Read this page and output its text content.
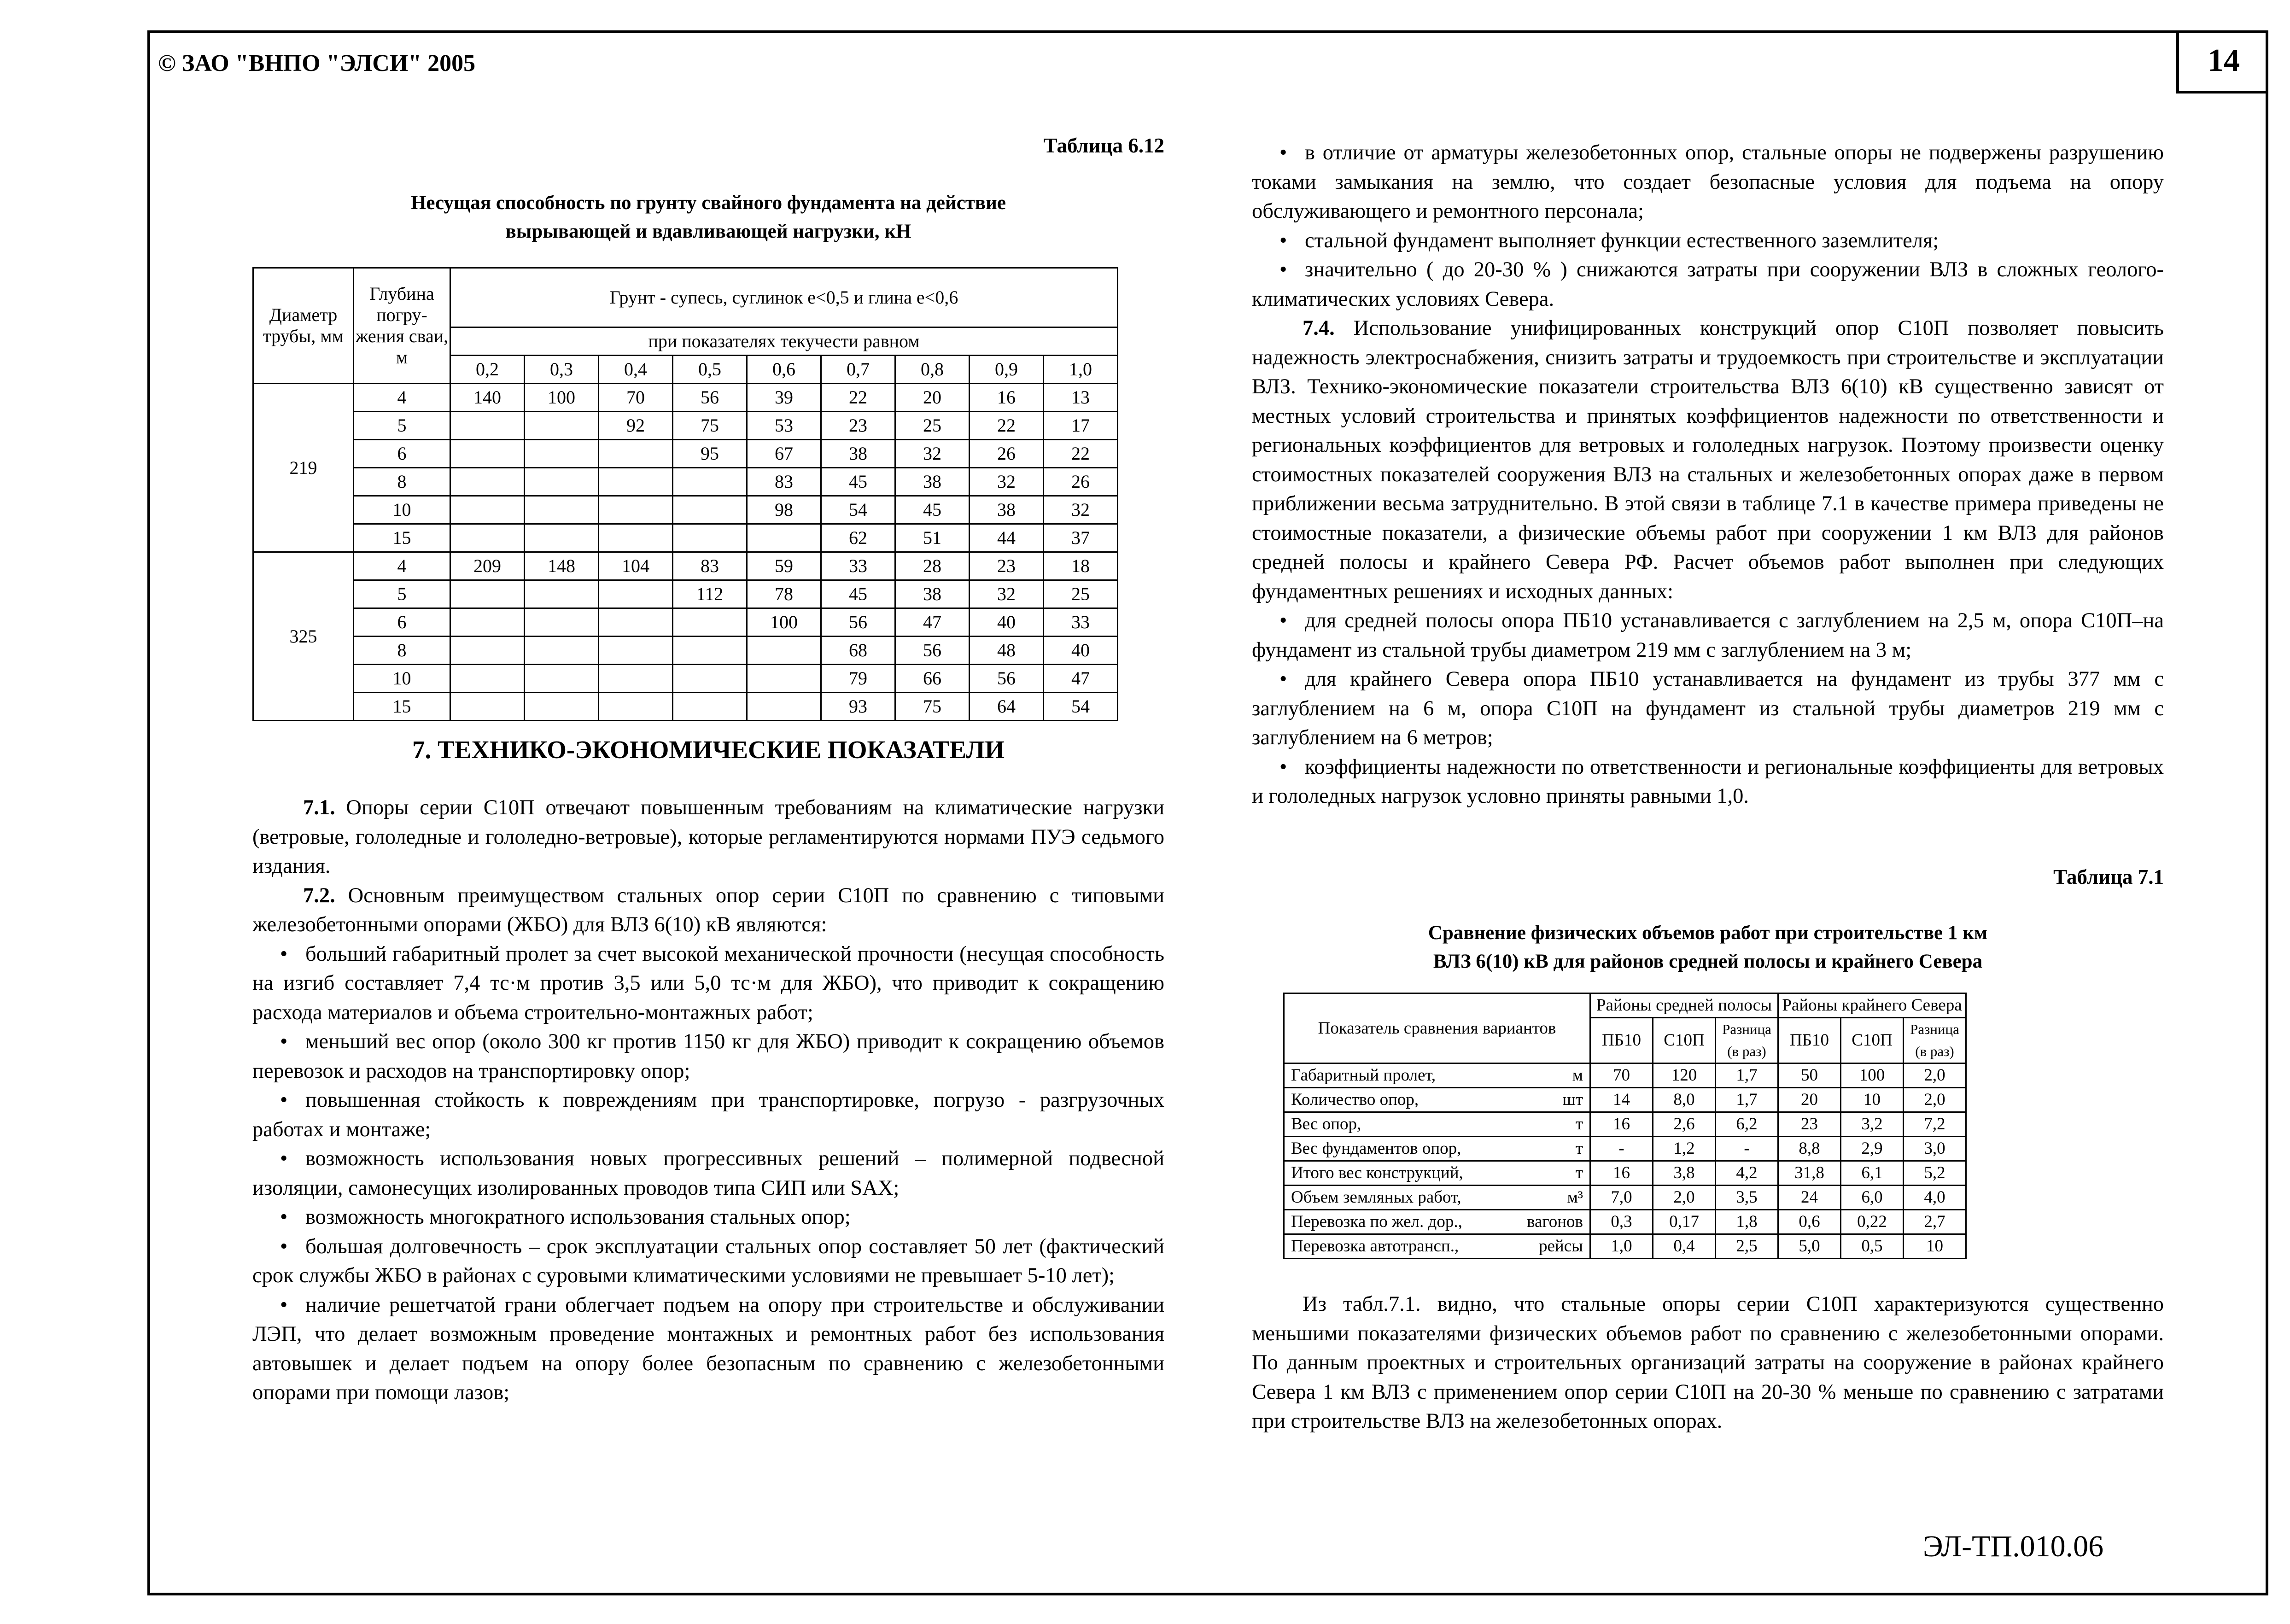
14
© ЗАО "ВНПО "ЭЛСИ" 2005
Таблица 6.12
Несущая способность по грунту свайного фундамента на действие
вырывающей и вдавливающей нагрузки, кН
Диаметр трубы, мм	Глубина погру- жения сваи, м	Грунт - супесь, суглинок е<0,5 и глина е<0,6								
		при показателях текучести равном								
		0,2	0,3	0,4	0,5	0,6	0,7	0,8	0,9	1,0
219	4	140	100	70	56	39	22	20	16	13
	5			92	75	53	23	25	22	17
	6				95	67	38	32	26	22
	8					83	45	38	32	26
	10					98	54	45	38	32
	15						62	51	44	37
325	4	209	148	104	83	59	33	28	23	18
	5				112	78	45	38	32	25
	6					100	56	47	40	33
	8						68	56	48	40
	10						79	66	56	47
	15						93	75	64	54
7. ТЕХНИКО-ЭКОНОМИЧЕСКИЕ ПОКАЗАТЕЛИ

7.1. Опоры серии С10П отвечают повышенным требованиям на климатические нагрузки (ветровые, гололедные и гололедно-ветровые), которые регламентируются нормами ПУЭ седьмого издания.

7.2. Основным преимуществом стальных опор серии С10П по сравнению с типовыми железобетонными опорами (ЖБО) для ВЛЗ 6(10) кВ являются:

• больший габаритный пролет за счет высокой механической прочности (несущая способность на изгиб составляет 7,4 тс·м против 3,5 или 5,0 тс·м для ЖБО), что приводит к сокращению расхода материалов и объема строительно-монтажных работ;

• меньший вес опор (около 300 кг против 1150 кг для ЖБО) приводит к сокращению объемов перевозок и расходов на транспортировку опор;

• повышенная стойкость к повреждениям при транспортировке, погрузо - разгрузочных работах и монтаже;

• возможность использования новых прогрессивных решений – полимерной подвесной изоляции, самонесущих изолированных проводов типа СИП или SAX;

• возможность многократного использования стальных опор;

• большая долговечность – срок эксплуатации стальных опор составляет 50 лет (фактический срок службы ЖБО в районах с суровыми климатическими условиями не превышает 5-10 лет);

• наличие решетчатой грани облегчает подъем на опору при строительстве и обслуживании ЛЭП, что делает возможным проведение монтажных и ремонтных работ без использования автовышек и делает подъем на опору более безопасным по сравнению с железобетонными опорами при помощи лазов;

• в отличие от арматуры железобетонных опор, стальные опоры не подвержены разрушению токами замыкания на землю, что создает безопасные условия для подъема на опору обслуживающего и ремонтного персонала;

• стальной фундамент выполняет функции естественного заземлителя;

• значительно ( до 20-30 % ) снижаются затраты при сооружении ВЛЗ в сложных геолого-климатических условиях Севера.

7.4. Использование унифицированных конструкций опор С10П позволяет повысить надежность электроснабжения, снизить затраты и трудоемкость при строительстве и эксплуатации ВЛЗ. Технико-экономические показатели строительства ВЛЗ 6(10) кВ существенно зависят от местных условий строительства и принятых коэффициентов надежности по ответственности и региональных коэффициентов для ветровых и гололедных нагрузок. Поэтому произвести оценку стоимостных показателей сооружения ВЛЗ на стальных и железобетонных опорах даже в первом приближении весьма затруднительно. В этой связи в таблице 7.1 в качестве примера приведены не стоимостные показатели, а физические объемы работ при сооружении 1 км ВЛЗ для районов средней полосы и крайнего Севера РФ. Расчет объемов работ выполнен при следующих фундаментных решениях и исходных данных:

• для средней полосы опора ПБ10 устанавливается с заглублением на 2,5 м, опора С10П–на фундамент из стальной трубы диаметром 219 мм с заглублением на 3 м;

• для крайнего Севера опора ПБ10 устанавливается на фундамент из трубы 377 мм с заглублением на 6 м, опора С10П на фундамент из стальной трубы диаметров 219 мм с заглублением на 6 метров;

• коэффициенты надежности по ответственности и региональные коэффициенты для ветровых и гололедных нагрузок условно приняты равными 1,0.

Таблица 7.1
Сравнение физических объемов работ при строительстве 1 км
ВЛЗ 6(10) кВ для районов средней полосы и крайнего Севера
Показатель сравнения вариантов	Районы средней полосы			Районы крайнего Севера		
	ПБ10	С10П	Разница (в раз)	ПБ10	С10П	Разница (в раз)

Габаритный пролет, м	70	120	1,7	50	100	2,0

Количество опор, шт	14	8,0	1,7	20	10	2,0

Вес опор, т	16	2,6	6,2	23	3,2	7,2

Вес фундаментов опор, т	-	1,2	-	8,8	2,9	3,0

Итого вес конструкций, т	16	3,8	4,2	31,8	6,1	5,2

Объем земляных работ, м³	7,0	2,0	3,5	24	6,0	4,0

Перевозка по жел. дор., вагонов	0,3	0,17	1,8	0,6	0,22	2,7

Перевозка автотрансп., рейсы	1,0	0,4	2,5	5,0	0,5	10

Из табл.7.1. видно, что стальные опоры серии С10П характеризуются существенно меньшими показателями физических объемов работ по сравнению с железобетонными опорами. По данным проектных и строительных организаций затраты на сооружение в районах крайнего Севера 1 км ВЛЗ с применением опор серии С10П на 20-30 % меньше по сравнению с затратами при строительстве ВЛЗ на железобетонных опорах.

ЭЛ-ТП.010.06
